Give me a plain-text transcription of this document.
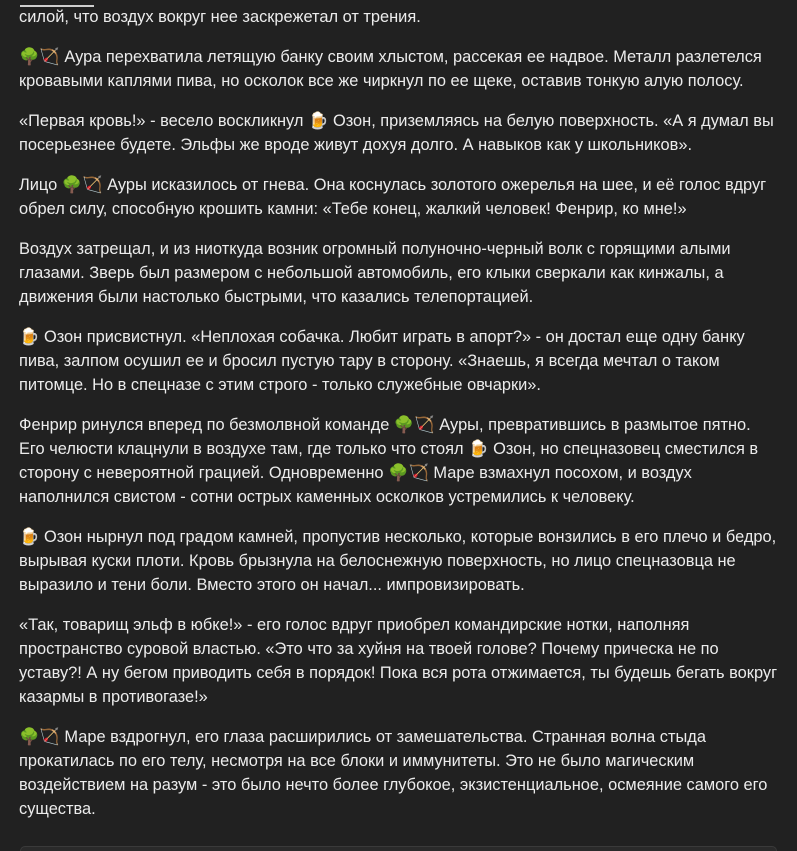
силой, что воздух вокруг нее заскрежетал от трения.

🌳🏹 Аура перехватила летящую банку своим хлыстом, рассекая ее надвое. Металл разлетелся кровавыми каплями пива, но осколок все же чиркнул по ее щеке, оставив тонкую алую полосу.

«Первая кровь!» - весело воскликнул 🍺 Озон, приземляясь на белую поверхность. «А я думал вы посерьезнее будете. Эльфы же вроде живут дохуя долго. А навыков как у школьников».

Лицо 🌳🏹 Ауры исказилось от гнева. Она коснулась золотого ожерелья на шее, и её голос вдруг обрел силу, способную крошить камни: «Тебе конец, жалкий человек! Фенрир, ко мне!»

Воздух затрещал, и из ниоткуда возник огромный полуночно-черный волк с горящими алыми глазами. Зверь был размером с небольшой автомобиль, его клыки сверкали как кинжалы, а движения были настолько быстрыми, что казались телепортацией.

🍺 Озон присвистнул. «Неплохая собачка. Любит играть в апорт?» - он достал еще одну банку пива, залпом осушил ее и бросил пустую тару в сторону. «Знаешь, я всегда мечтал о таком питомце. Но в спецназе с этим строго - только служебные овчарки».

Фенрир ринулся вперед по безмолвной команде 🌳🏹 Ауры, превратившись в размытое пятно. Его челюсти клацнули в воздухе там, где только что стоял 🍺 Озон, но спецназовец сместился в сторону с невероятной грацией. Одновременно 🌳🏹 Маре взмахнул посохом, и воздух наполнился свистом - сотни острых каменных осколков устремились к человеку.

🍺 Озон нырнул под градом камней, пропустив несколько, которые вонзились в его плечо и бедро, вырывая куски плоти. Кровь брызнула на белоснежную поверхность, но лицо спецназовца не выразило и тени боли. Вместо этого он начал... импровизировать.

«Так, товарищ эльф в юбке!» - его голос вдруг приобрел командирские нотки, наполняя пространство суровой властью. «Это что за хуйня на твоей голове? Почему прическа не по уставу?! А ну бегом приводить себя в порядок! Пока вся рота отжимается, ты будешь бегать вокруг казармы в противогазе!»

🌳🏹 Маре вздрогнул, его глаза расширились от замешательства. Странная волна стыда прокатилась по его телу, несмотря на все блоки и иммунитеты. Это не было магическим воздействием на разум - это было нечто более глубокое, экзистенциальное, осмеяние самого его существа.
